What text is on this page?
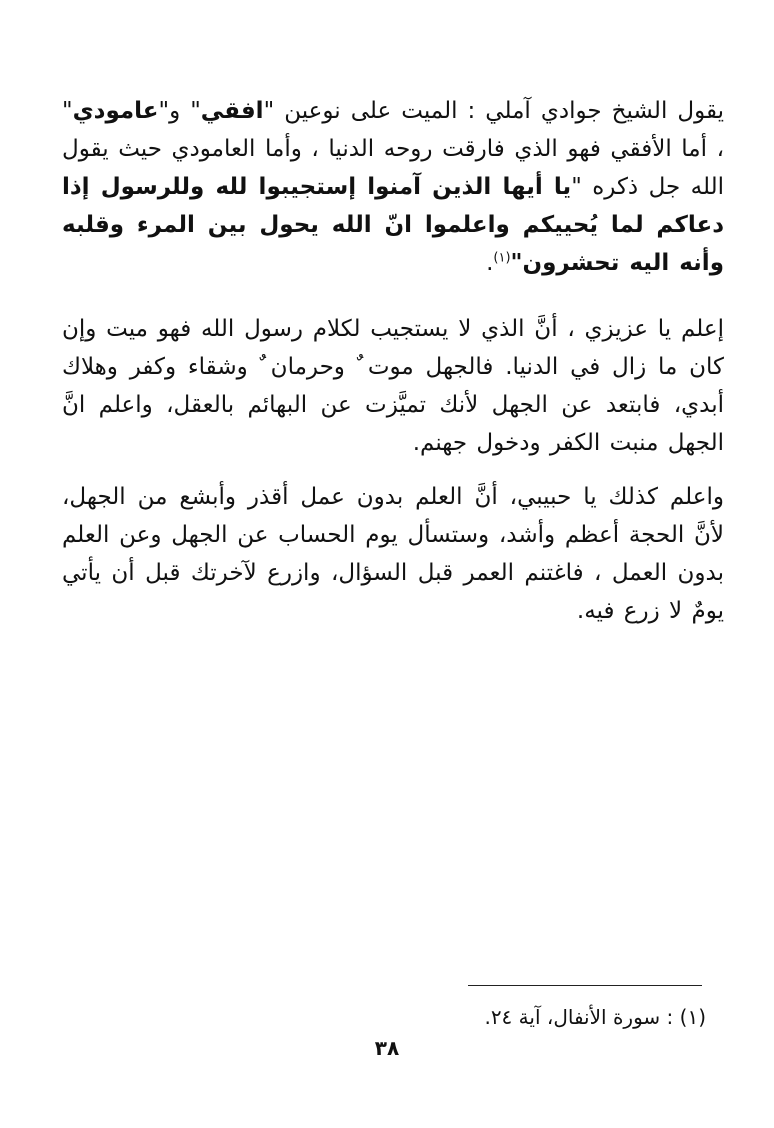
يقول الشيخ جوادي آملي : الميت على نوعين "افقي" و"عامودي" ، أما الأفقي فهو الذي فارقت روحه الدنيا ، وأما العامودي حيث يقول الله جل ذكره "يا أيها الذين آمنوا إستجيبوا لله وللرسول إذا دعاكم لما يُحييكم واعلموا انّ الله يحول بين المرء وقلبه وأنه اليه تحشرون"$^{(١)}$.
إعلم يا عزيزي ، أنَّ الذي لا يستجيب لكلام رسول الله فهو ميت وإن كان ما زال في الدنيا. فالجهل موت ٌ وحرمان ٌ وشقاء وكفر وهلاك أبدي، فابتعد عن الجهل لأنك تميَّزت عن البهائم بالعقل، واعلم انَّ الجهل منبت الكفر ودخول جهنم.
واعلم كذلك يا حبيبي، أنَّ العلم بدون عمل أقذر وأبشع من الجهل، لأنَّ الحجة أعظم وأشد، وستسأل يوم الحساب عن الجهل وعن العلم بدون العمل ، فاغتنم العمر قبل السؤال، وازرع لآخرتك قبل أن يأتي يومٌ لا زرع فيه.
(١) : سورة الأنفال، آية ٢٤.
٣٨
